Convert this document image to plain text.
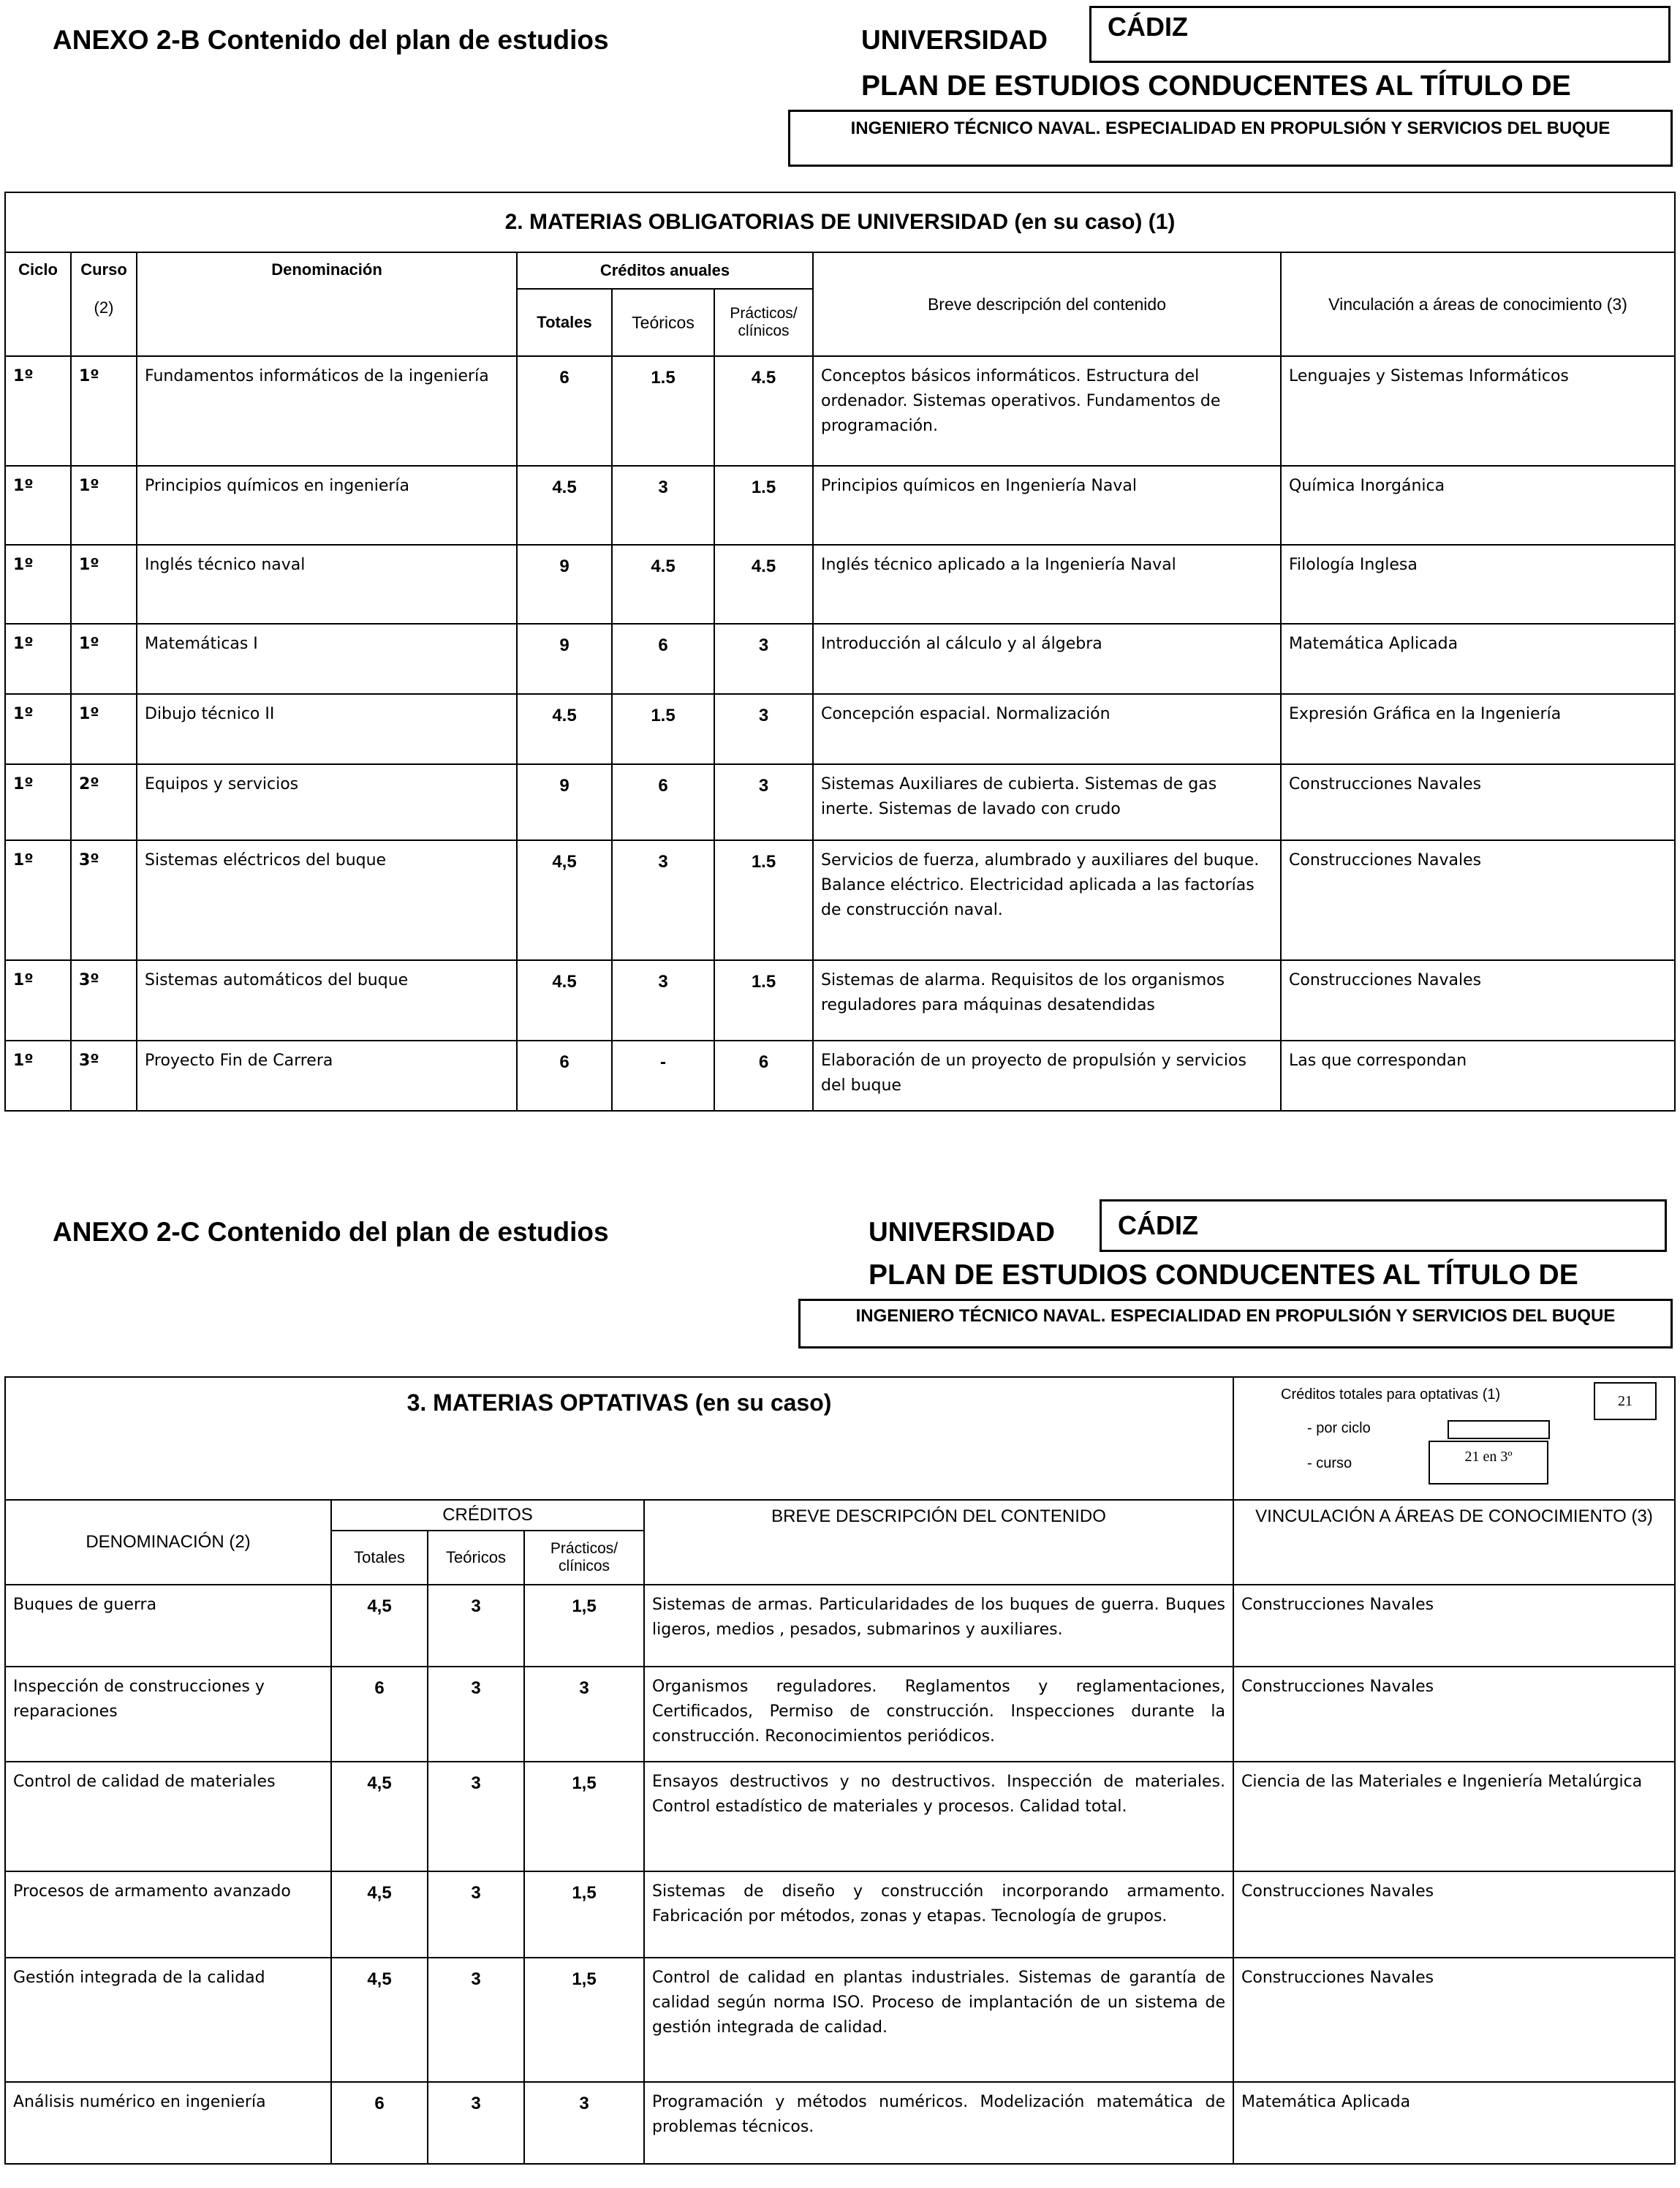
ANEXO 2-B Contenido del plan de estudios	UNIVERSIDAD	CÁDIZ
PLAN DE ESTUDIOS CONDUCENTES AL TÍTULO DE
INGENIERO TÉCNICO NAVAL. ESPECIALIDAD EN PROPULSIÓN Y SERVICIOS DEL BUQUE
2. MATERIAS OBLIGATORIAS DE UNIVERSIDAD (en su caso) (1)							
Ciclo	Curso

(2)	Denominación	Créditos anuales			Breve descripción del contenido	Vinculación a áreas de conocimiento (3)
			Totales	Teóricos	Prácticos/ clínicos		
1º	1º	Fundamentos informáticos de la ingeniería	6	1.5	4.5	Conceptos básicos informáticos. Estructura del ordenador. Sistemas operativos. Fundamentos de programación.	Lenguajes y Sistemas Informáticos
1º	1º	Principios químicos en ingeniería	4.5	3	1.5	Principios químicos en Ingeniería Naval	Química Inorgánica
1º	1º	Inglés técnico naval	9	4.5	4.5	Inglés técnico aplicado a la Ingeniería Naval	Filología Inglesa
1º	1º	Matemáticas I	9	6	3	Introducción al cálculo y al álgebra	Matemática Aplicada
1º	1º	Dibujo técnico II	4.5	1.5	3	Concepción espacial. Normalización	Expresión Gráfica en la Ingeniería
1º	2º	Equipos y servicios	9	6	3	Sistemas Auxiliares de cubierta. Sistemas de gas inerte. Sistemas de lavado con crudo	Construcciones Navales
1º	3º	Sistemas eléctricos del buque	4,5	3	1.5	Servicios de fuerza, alumbrado y auxiliares del buque. Balance eléctrico. Electricidad aplicada a las factorías de construcción naval.	Construcciones Navales
1º	3º	Sistemas automáticos del buque	4.5	3	1.5	Sistemas de alarma. Requisitos de los organismos reguladores para máquinas desatendidas	Construcciones Navales
1º	3º	Proyecto Fin de Carrera	6	-	6	Elaboración de un proyecto de propulsión y servicios del buque	Las que correspondan
ANEXO 2-C Contenido del plan de estudios	UNIVERSIDAD	CÁDIZ
PLAN DE ESTUDIOS CONDUCENTES AL TÍTULO DE
INGENIERO TÉCNICO NAVAL. ESPECIALIDAD EN PROPULSIÓN Y SERVICIOS DEL BUQUE
3. MATERIAS OPTATIVAS (en su caso)					Créditos totales para optativas (1) 21
- por ciclo
- curso 21 en 3º

DENOMINACIÓN (2)	CRÉDITOS			BREVE DESCRIPCIÓN DEL CONTENIDO	VINCULACIÓN A ÁREAS DE CONOCIMIENTO (3)
	Totales	Teóricos	Prácticos/ clínicos		
Buques de guerra	4,5	3	1,5	Sistemas de armas. Particularidades de los buques de guerra. Buques ligeros, medios , pesados, submarinos y auxiliares.	Construcciones Navales
Inspección de construcciones y reparaciones	6	3	3	Organismos reguladores. Reglamentos y reglamentaciones, Certificados, Permiso de construcción. Inspecciones durante la construcción. Reconocimientos periódicos.	Construcciones Navales
Control de calidad de materiales	4,5	3	1,5	Ensayos destructivos y no destructivos. Inspección de materiales. Control estadístico de materiales y procesos. Calidad total.	Ciencia de las Materiales e Ingeniería Metalúrgica
Procesos de armamento avanzado	4,5	3	1,5	Sistemas de diseño y construcción incorporando armamento. Fabricación por métodos, zonas y etapas. Tecnología de grupos.	Construcciones Navales
Gestión integrada de la calidad	4,5	3	1,5	Control de calidad en plantas industriales. Sistemas de garantía de calidad según norma ISO. Proceso de implantación de un sistema de gestión integrada de calidad.	Construcciones Navales
Análisis numérico en ingeniería	6	3	3	Programación y métodos numéricos. Modelización matemática de problemas técnicos.	Matemática Aplicada
